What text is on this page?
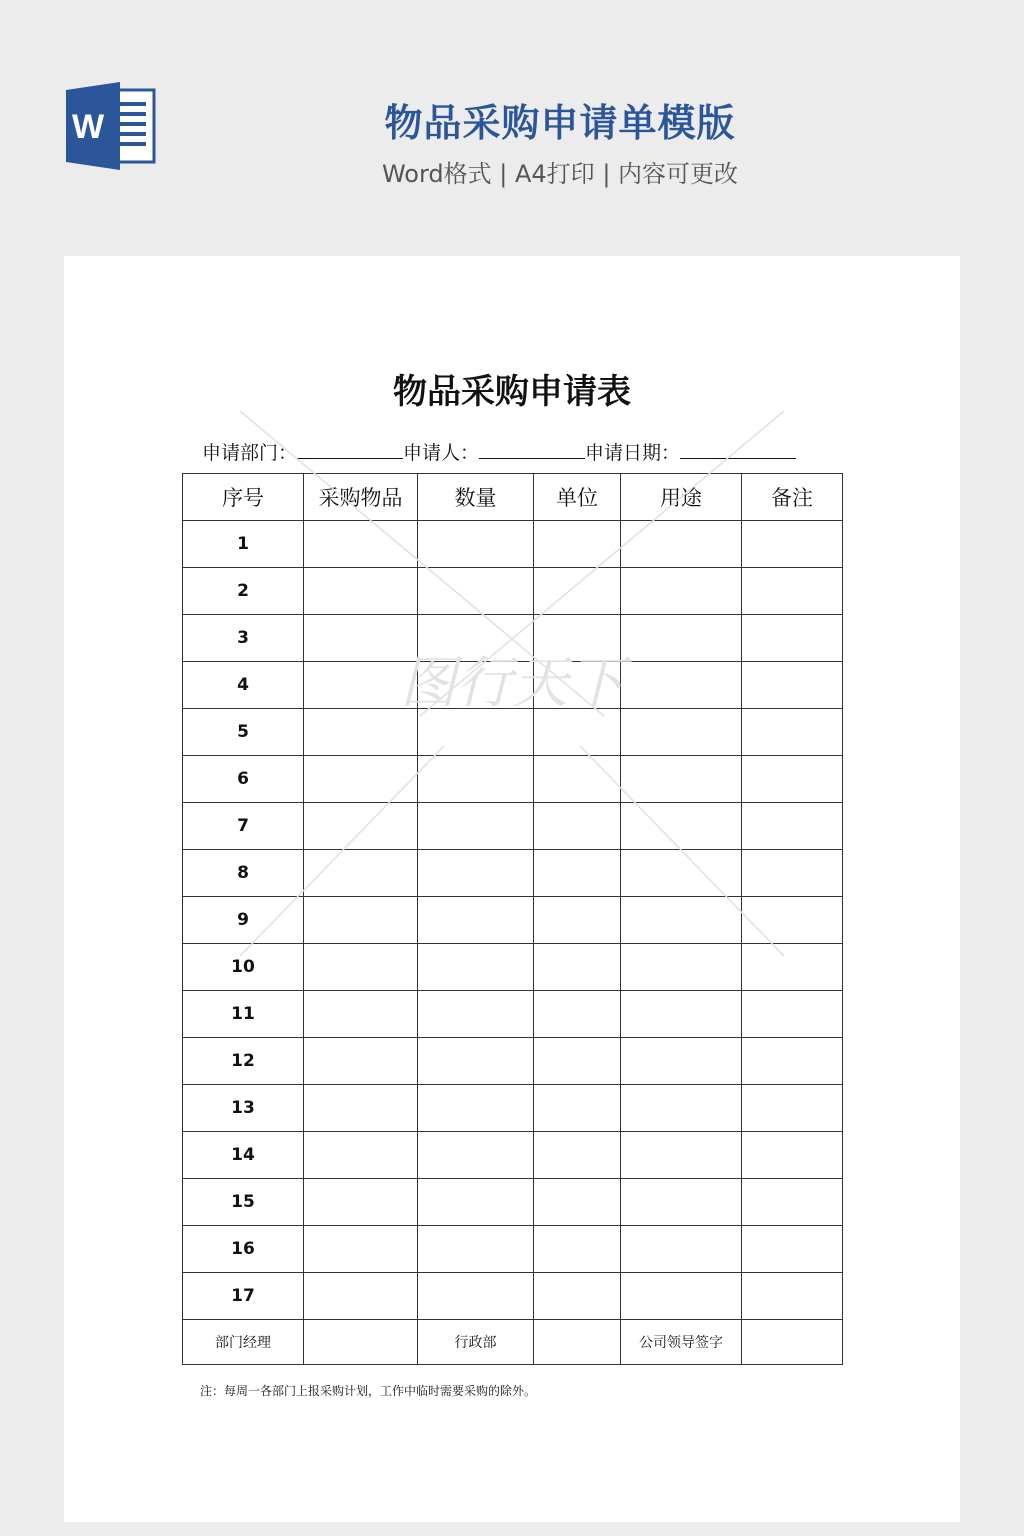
W	物品采购申请单模版
Word格式 | A4打印 | 内容可更改
物品采购申请表
申请部门：	申请人：	申请日期：
序号	采购物品	数量	单位	用途	备注
1					
2					
3					
4					
5					
6					
7					
8					
9					
10					
11					
12					
13					
14					
15					
16					
17					
部门经理		行政部		公司领导签字	
注：每周一各部门上报采购计划，工作中临时需要采购的除外。
图行天下
